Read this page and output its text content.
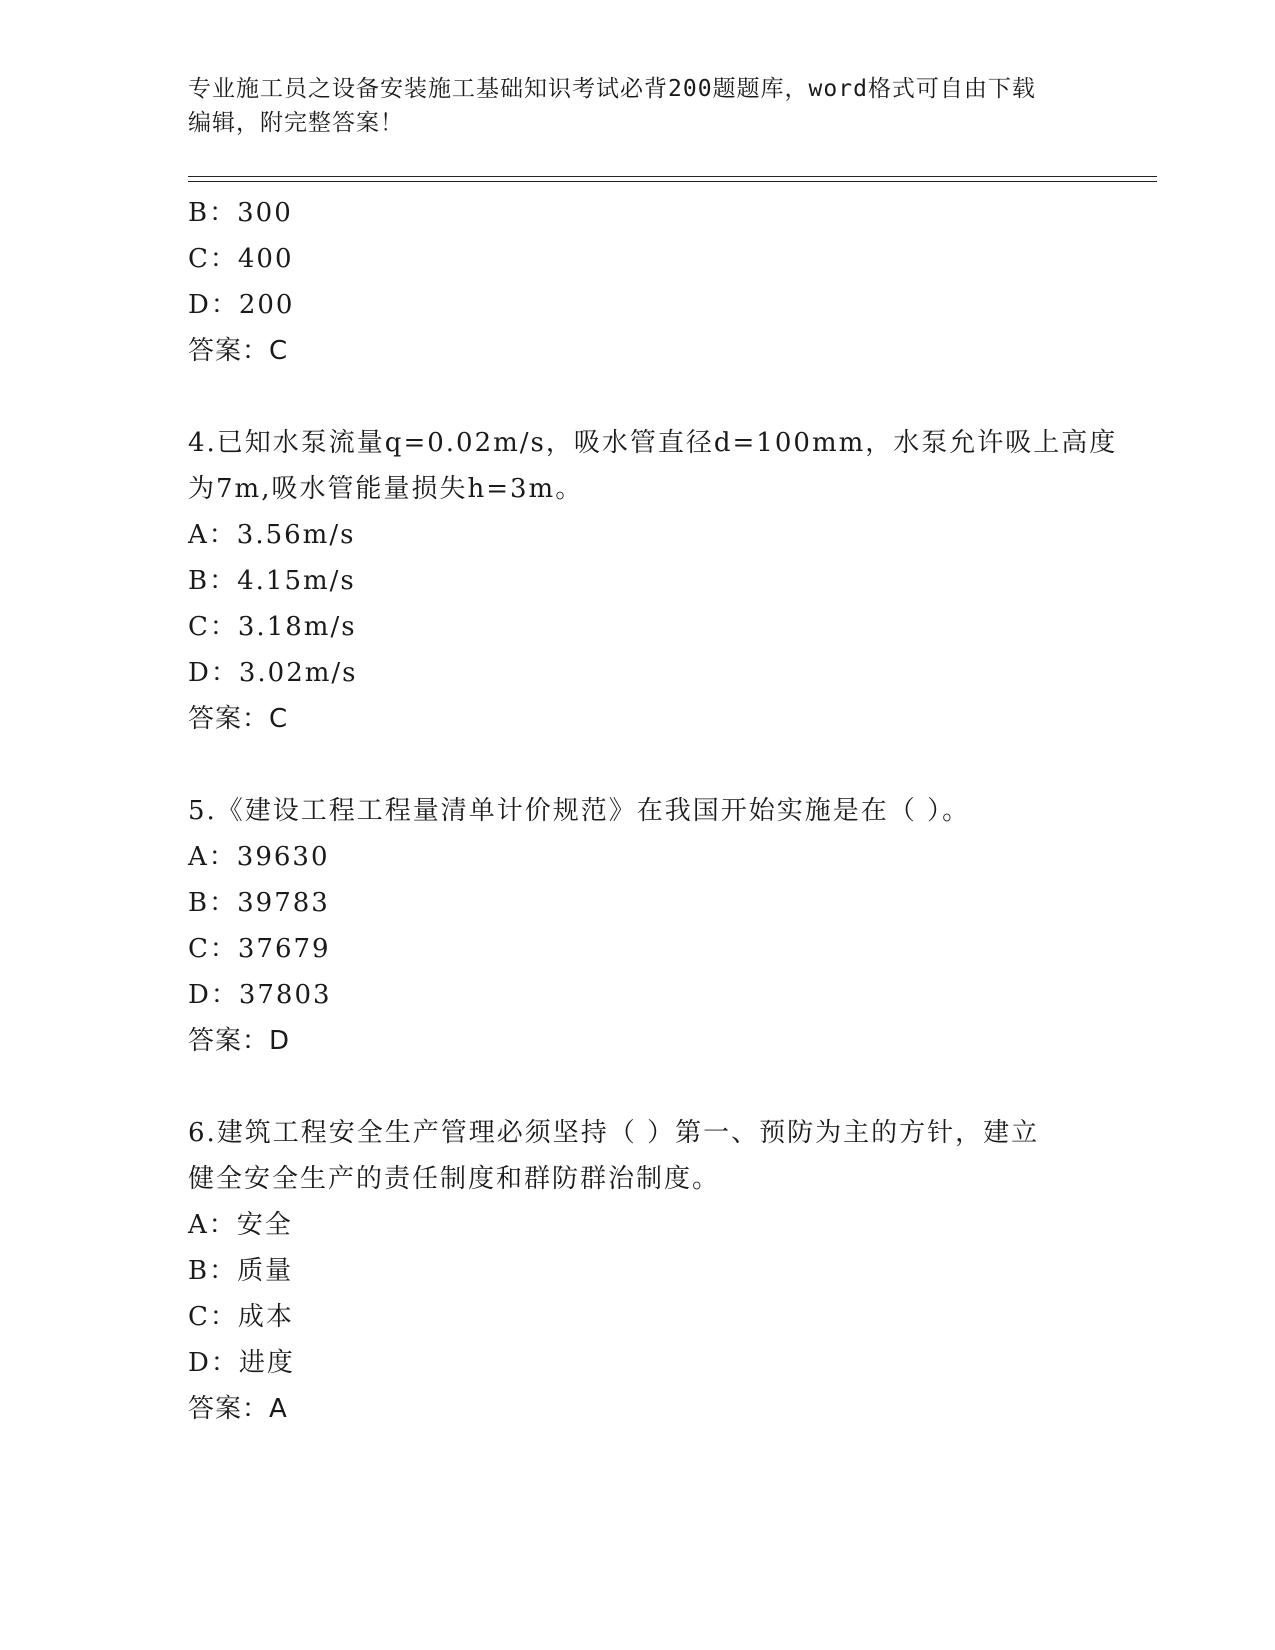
专业施工员之设备安装施工基础知识考试必背200题题库，word格式可自由下载
编辑，附完整答案！
B：300
C：400
D：200
答案：C
4.已知水泵流量q=0.02m/s，吸水管直径d=100mm，水泵允许吸上高度
为7m,吸水管能量损失h=3m。
A：3.56m/s
B：4.15m/s
C：3.18m/s
D：3.02m/s
答案：C
5.《建设工程工程量清单计价规范》在我国开始实施是在（ ）。
A：39630
B：39783
C：37679
D：37803
答案：D
6.建筑工程安全生产管理必须坚持（ ）第一、预防为主的方针，建立
健全安全生产的责任制度和群防群治制度。
A：安全
B：质量
C：成本
D：进度
答案：A
